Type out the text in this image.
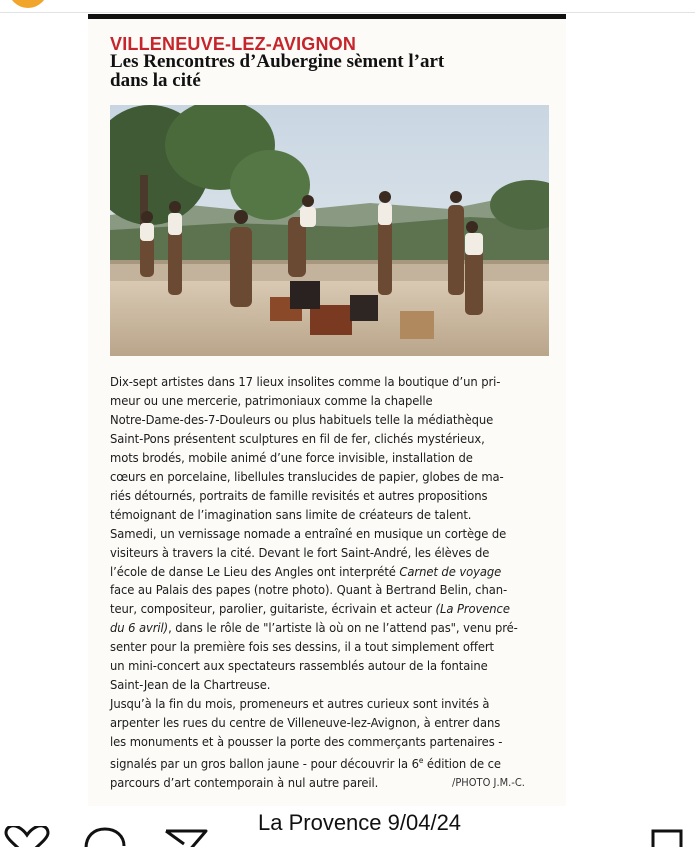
VILLENEUVE-LEZ-AVIGNON
Les Rencontres d’Aubergine sèment l’art
dans la cité
Dix-sept artistes dans 17 lieux insolites comme la boutique d’un pri-
meur ou une mercerie, patrimoniaux comme la chapelle
Notre-Dame-des-7-Douleurs ou plus habituels telle la médiathèque
Saint-Pons présentent sculptures en fil de fer, clichés mystérieux,
mots brodés, mobile animé d’une force invisible, installation de
cœurs en porcelaine, libellules translucides de papier, globes de ma-
riés détournés, portraits de famille revisités et autres propositions
témoignant de l’imagination sans limite de créateurs de talent.
Samedi, un vernissage nomade a entraîné en musique un cortège de
visiteurs à travers la cité. Devant le fort Saint-André, les élèves de
l’école de danse Le Lieu des Angles ont interprété Carnet de voyage
face au Palais des papes (notre photo). Quant à Bertrand Belin, chan-
teur, compositeur, parolier, guitariste, écrivain et acteur (La Provence
du 6 avril), dans le rôle de "l’artiste là où on ne l’attend pas", venu pré-
senter pour la première fois ses dessins, il a tout simplement offert
un mini-concert aux spectateurs rassemblés autour de la fontaine
Saint-Jean de la Chartreuse.
Jusqu’à la fin du mois, promeneurs et autres curieux sont invités à
arpenter les rues du centre de Villeneuve-lez-Avignon, à entrer dans
les monuments et à pousser la porte des commerçants partenaires -
signalés par un gros ballon jaune - pour découvrir la 6e édition de ce
parcours d’art contemporain à nul autre pareil.	/PHOTO J.M.-C.
La Provence 9/04/24
